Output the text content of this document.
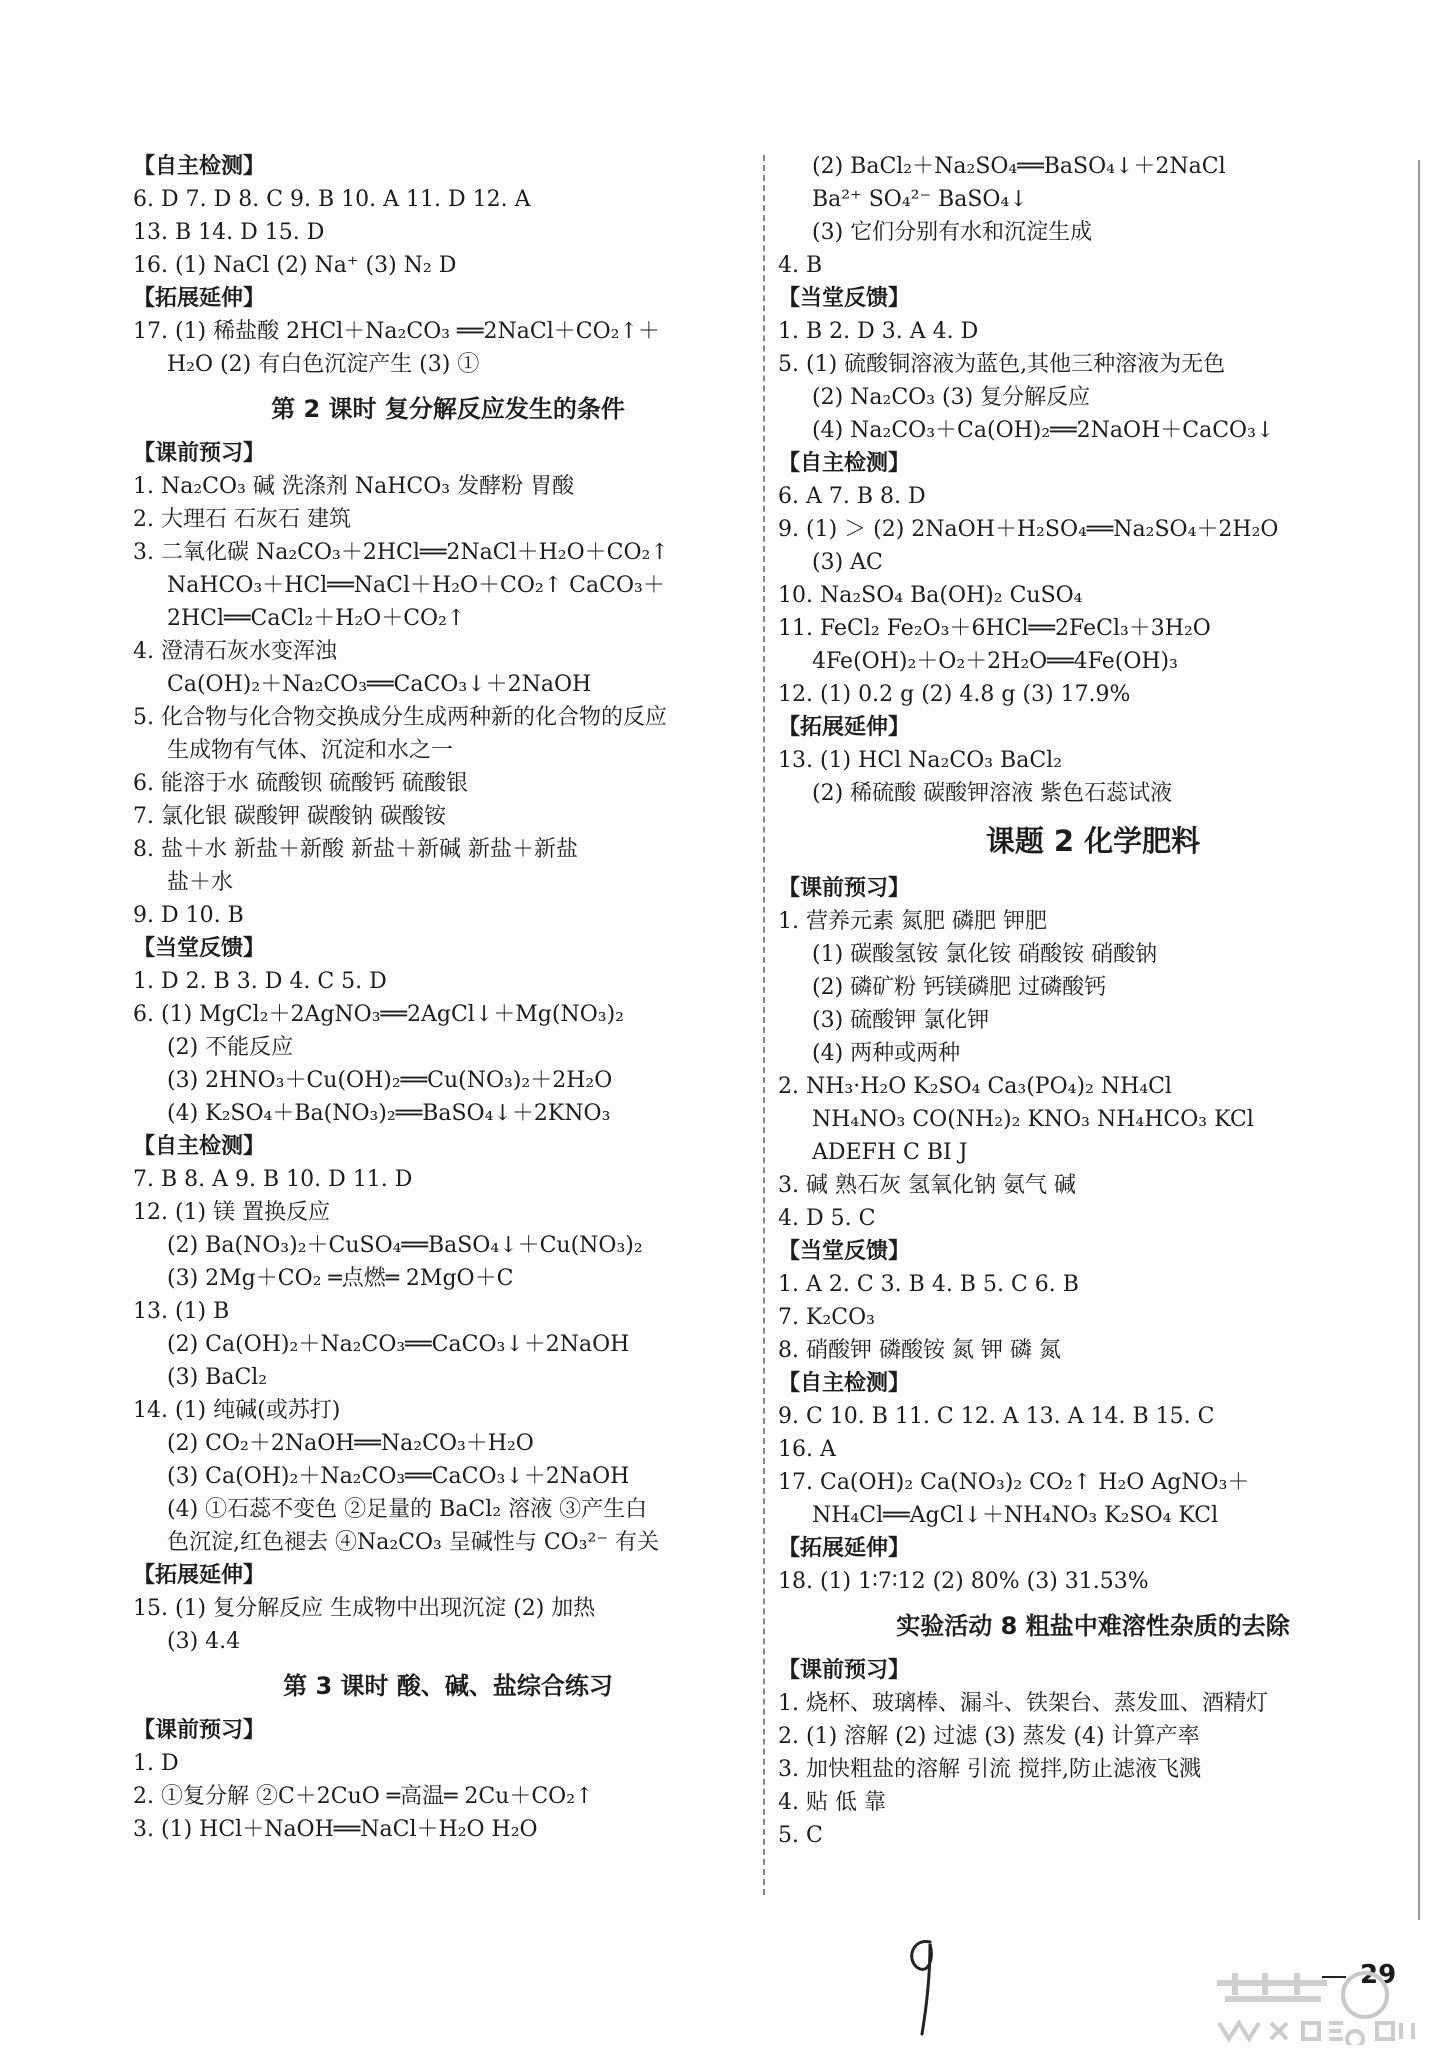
【自主检测】
6. D 7. D 8. C 9. B 10. A 11. D 12. A
13. B 14. D 15. D
16. (1) NaCl (2) Na⁺ (3) N₂ D
【拓展延伸】
17. (1) 稀盐酸 2HCl＋Na₂CO₃ ══2NaCl＋CO₂↑＋
H₂O (2) 有白色沉淀产生 (3) ①
第 2 课时 复分解反应发生的条件
【课前预习】
1. Na₂CO₃ 碱 洗涤剂 NaHCO₃ 发酵粉 胃酸
2. 大理石 石灰石 建筑
3. 二氧化碳 Na₂CO₃＋2HCl══2NaCl＋H₂O＋CO₂↑
NaHCO₃＋HCl══NaCl＋H₂O＋CO₂↑ CaCO₃＋
2HCl══CaCl₂＋H₂O＋CO₂↑
4. 澄清石灰水变浑浊
Ca(OH)₂＋Na₂CO₃══CaCO₃↓＋2NaOH
5. 化合物与化合物交换成分生成两种新的化合物的反应
生成物有气体、沉淀和水之一
6. 能溶于水 硫酸钡 硫酸钙 硫酸银
7. 氯化银 碳酸钾 碳酸钠 碳酸铵
8. 盐＋水 新盐＋新酸 新盐＋新碱 新盐＋新盐
盐＋水
9. D 10. B
【当堂反馈】
1. D 2. B 3. D 4. C 5. D
6. (1) MgCl₂＋2AgNO₃══2AgCl↓＋Mg(NO₃)₂
(2) 不能反应
(3) 2HNO₃＋Cu(OH)₂══Cu(NO₃)₂＋2H₂O
(4) K₂SO₄＋Ba(NO₃)₂══BaSO₄↓＋2KNO₃
【自主检测】
7. B 8. A 9. B 10. D 11. D
12. (1) 镁 置换反应
(2) Ba(NO₃)₂＋CuSO₄══BaSO₄↓＋Cu(NO₃)₂
(3) 2Mg＋CO₂ ═点燃═ 2MgO＋C
13. (1) B
(2) Ca(OH)₂＋Na₂CO₃══CaCO₃↓＋2NaOH
(3) BaCl₂
14. (1) 纯碱(或苏打)
(2) CO₂＋2NaOH══Na₂CO₃＋H₂O
(3) Ca(OH)₂＋Na₂CO₃══CaCO₃↓＋2NaOH
(4) ①石蕊不变色 ②足量的 BaCl₂ 溶液 ③产生白
色沉淀,红色褪去 ④Na₂CO₃ 呈碱性与 CO₃²⁻ 有关
【拓展延伸】
15. (1) 复分解反应 生成物中出现沉淀 (2) 加热
(3) 4.4
第 3 课时 酸、碱、盐综合练习
【课前预习】
1. D
2. ①复分解 ②C＋2CuO ═高温═ 2Cu＋CO₂↑
3. (1) HCl＋NaOH══NaCl＋H₂O H₂O
(2) BaCl₂＋Na₂SO₄══BaSO₄↓＋2NaCl
Ba²⁺ SO₄²⁻ BaSO₄↓
(3) 它们分别有水和沉淀生成
4. B
【当堂反馈】
1. B 2. D 3. A 4. D
5. (1) 硫酸铜溶液为蓝色,其他三种溶液为无色
(2) Na₂CO₃ (3) 复分解反应
(4) Na₂CO₃＋Ca(OH)₂══2NaOH＋CaCO₃↓
【自主检测】
6. A 7. B 8. D
9. (1) ＞ (2) 2NaOH＋H₂SO₄══Na₂SO₄＋2H₂O
(3) AC
10. Na₂SO₄ Ba(OH)₂ CuSO₄
11. FeCl₂ Fe₂O₃＋6HCl══2FeCl₃＋3H₂O
4Fe(OH)₂＋O₂＋2H₂O══4Fe(OH)₃
12. (1) 0.2 g (2) 4.8 g (3) 17.9%
【拓展延伸】
13. (1) HCl Na₂CO₃ BaCl₂
(2) 稀硫酸 碳酸钾溶液 紫色石蕊试液
课题 2 化学肥料
【课前预习】
1. 营养元素 氮肥 磷肥 钾肥
(1) 碳酸氢铵 氯化铵 硝酸铵 硝酸钠
(2) 磷矿粉 钙镁磷肥 过磷酸钙
(3) 硫酸钾 氯化钾
(4) 两种或两种
2. NH₃·H₂O K₂SO₄ Ca₃(PO₄)₂ NH₄Cl
NH₄NO₃ CO(NH₂)₂ KNO₃ NH₄HCO₃ KCl
ADEFH C BI J
3. 碱 熟石灰 氢氧化钠 氨气 碱
4. D 5. C
【当堂反馈】
1. A 2. C 3. B 4. B 5. C 6. B
7. K₂CO₃
8. 硝酸钾 磷酸铵 氮 钾 磷 氮
【自主检测】
9. C 10. B 11. C 12. A 13. A 14. B 15. C
16. A
17. Ca(OH)₂ Ca(NO₃)₂ CO₂↑ H₂O AgNO₃＋
NH₄Cl══AgCl↓＋NH₄NO₃ K₂SO₄ KCl
【拓展延伸】
18. (1) 1∶7∶12 (2) 80% (3) 31.53%
实验活动 8 粗盐中难溶性杂质的去除
【课前预习】
1. 烧杯、玻璃棒、漏斗、铁架台、蒸发皿、酒精灯
2. (1) 溶解 (2) 过滤 (3) 蒸发 (4) 计算产率
3. 加快粗盐的溶解 引流 搅拌,防止滤液飞溅
4. 贴 低 靠
5. C
29
